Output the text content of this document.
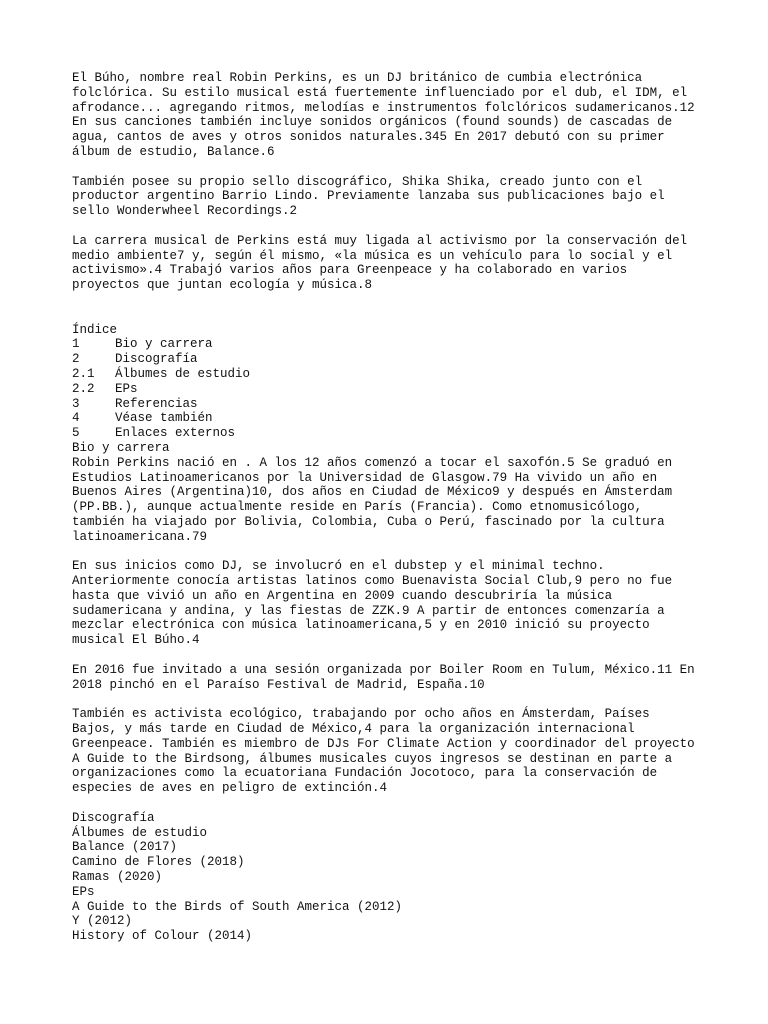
El Búho, nombre real Robin Perkins, es un DJ británico de cumbia electrónica
folclórica. Su estilo musical está fuertemente influenciado por el dub, el IDM, el
afrodance... agregando ritmos, melodías e instrumentos folclóricos sudamericanos.12
En sus canciones también incluye sonidos orgánicos (found sounds) de cascadas de
agua, cantos de aves y otros sonidos naturales.345 En 2017 debutó con su primer
álbum de estudio, Balance.6
También posee su propio sello discográfico, Shika Shika, creado junto con el
productor argentino Barrio Lindo. Previamente lanzaba sus publicaciones bajo el
sello Wonderwheel Recordings.2
La carrera musical de Perkins está muy ligada al activismo por la conservación del
medio ambiente7 y, según él mismo, «la música es un vehículo para lo social y el
activismo».4 Trabajó varios años para Greenpeace y ha colaborado en varios
proyectos que juntan ecología y música.8
Índice
1	Bio y carrera
2	Discografía
2.1	Álbumes de estudio
2.2	EPs
3	Referencias
4	Véase también
5	Enlaces externos
Bio y carrera
Robin Perkins nació en . A los 12 años comenzó a tocar el saxofón.5 Se graduó en
Estudios Latinoamericanos por la Universidad de Glasgow.79 Ha vivido un año en
Buenos Aires (Argentina)10, dos años en Ciudad de México9 y después en Ámsterdam
(PP.BB.), aunque actualmente reside en París (Francia). Como etnomusicólogo,
también ha viajado por Bolivia, Colombia, Cuba o Perú, fascinado por la cultura
latinoamericana.79
En sus inicios como DJ, se involucró en el dubstep y el minimal techno.
Anteriormente conocía artistas latinos como Buenavista Social Club,9 pero no fue
hasta que vivió un año en Argentina en 2009 cuando descubriría la música
sudamericana y andina, y las fiestas de ZZK.9 A partir de entonces comenzaría a
mezclar electrónica con música latinoamericana,5 y en 2010 inició su proyecto
musical El Búho.4
En 2016 fue invitado a una sesión organizada por Boiler Room en Tulum, México.11 En
2018 pinchó en el Paraíso Festival de Madrid, España.10
También es activista ecológico, trabajando por ocho años en Ámsterdam, Países
Bajos, y más tarde en Ciudad de México,4 para la organización internacional
Greenpeace. También es miembro de DJs For Climate Action y coordinador del proyecto
A Guide to the Birdsong, álbumes musicales cuyos ingresos se destinan en parte a
organizaciones como la ecuatoriana Fundación Jocotoco, para la conservación de
especies de aves en peligro de extinción.4
Discografía
Álbumes de estudio
Balance (2017)
Camino de Flores (2018)
Ramas (2020)
EPs
A Guide to the Birds of South America (2012)
Y (2012)
History of Colour (2014)
